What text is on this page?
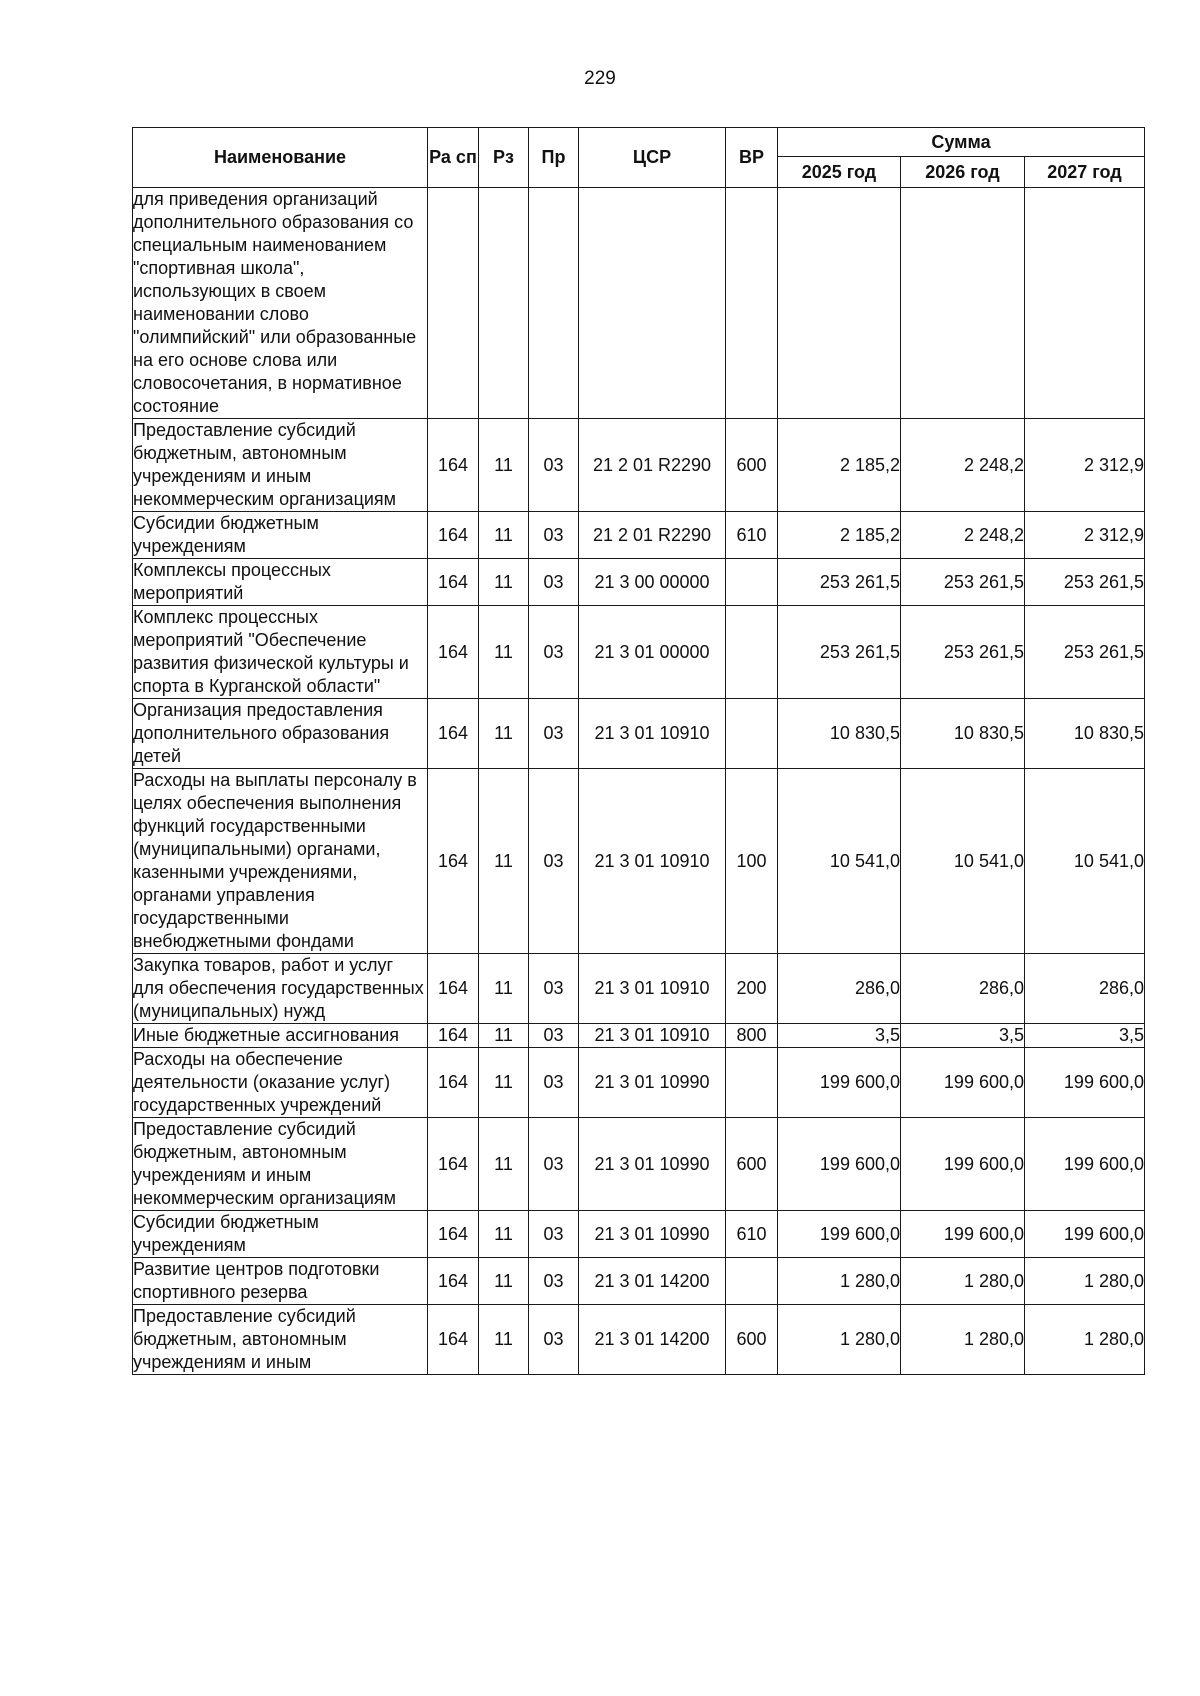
229
Наименование	Ра сп	Рз	Пр	ЦСР	ВР	Сумма		
						2025 год	2026 год	2027 год
для приведения организаций дополнительного образования со специальным наименованием "спортивная школа", использующих в своем наименовании слово "олимпийский" или образованные на его основе слова или словосочетания, в нормативное состояние								
Предоставление субсидий бюджетным, автономным учреждениям и иным некоммерческим организациям	164	11	03	21 2 01 R2290	600	2 185,2	2 248,2	2 312,9
Субсидии бюджетным учреждениям	164	11	03	21 2 01 R2290	610	2 185,2	2 248,2	2 312,9
Комплексы процессных мероприятий	164	11	03	21 3 00 00000		253 261,5	253 261,5	253 261,5
Комплекс процессных мероприятий "Обеспечение развития физической культуры и спорта в Курганской области"	164	11	03	21 3 01 00000		253 261,5	253 261,5	253 261,5
Организация предоставления дополнительного образования детей	164	11	03	21 3 01 10910		10 830,5	10 830,5	10 830,5
Расходы на выплаты персоналу в целях обеспечения выполнения функций государственными (муниципальными) органами, казенными учреждениями, органами управления государственными внебюджетными фондами	164	11	03	21 3 01 10910	100	10 541,0	10 541,0	10 541,0
Закупка товаров, работ и услуг для обеспечения государственных (муниципальных) нужд	164	11	03	21 3 01 10910	200	286,0	286,0	286,0
Иные бюджетные ассигнования	164	11	03	21 3 01 10910	800	3,5	3,5	3,5
Расходы на обеспечение деятельности (оказание услуг) государственных учреждений	164	11	03	21 3 01 10990		199 600,0	199 600,0	199 600,0
Предоставление субсидий бюджетным, автономным учреждениям и иным некоммерческим организациям	164	11	03	21 3 01 10990	600	199 600,0	199 600,0	199 600,0
Субсидии бюджетным учреждениям	164	11	03	21 3 01 10990	610	199 600,0	199 600,0	199 600,0
Развитие центров подготовки спортивного резерва	164	11	03	21 3 01 14200		1 280,0	1 280,0	1 280,0
Предоставление субсидий бюджетным, автономным учреждениям и иным	164	11	03	21 3 01 14200	600	1 280,0	1 280,0	1 280,0
